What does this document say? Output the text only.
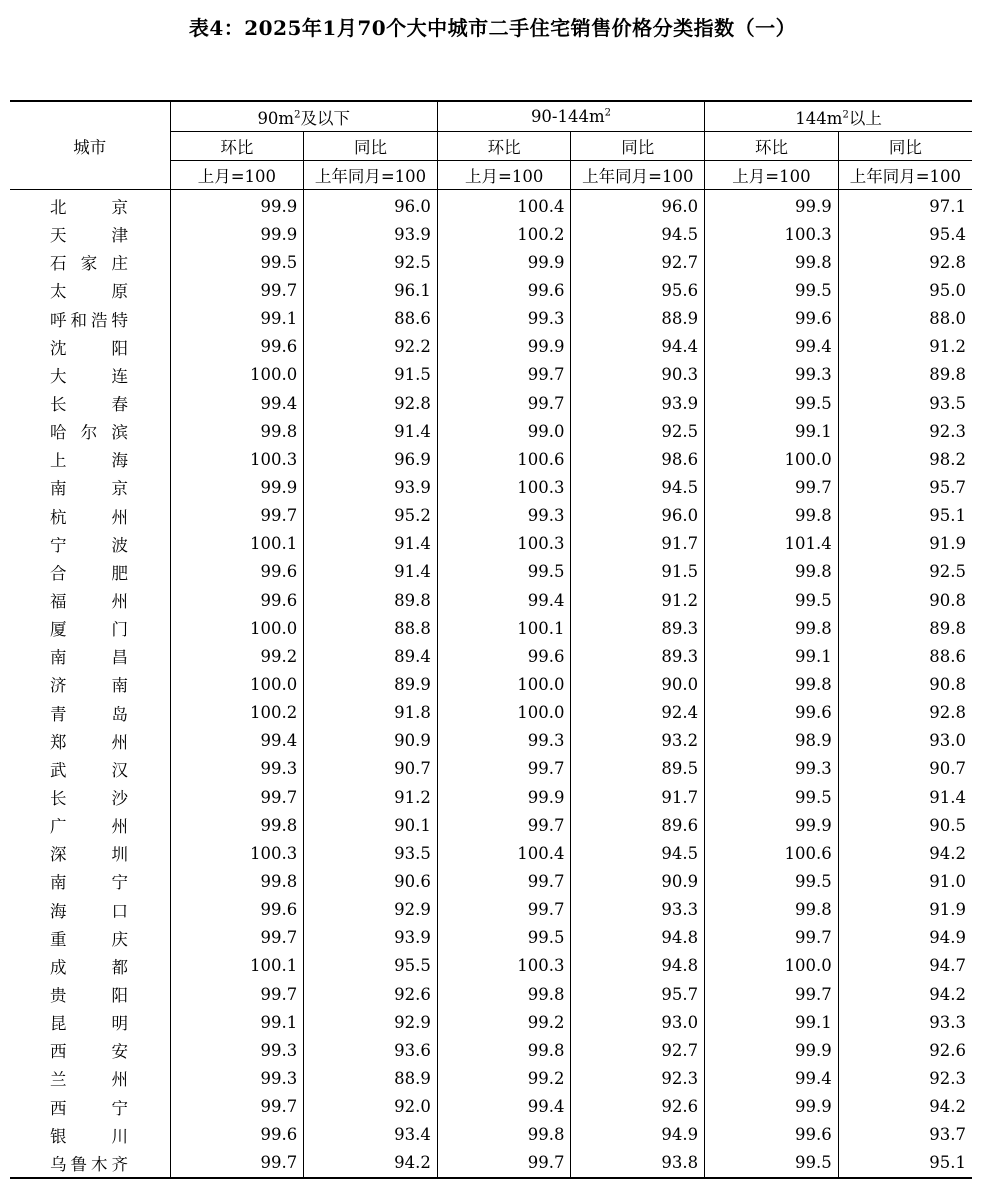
表4：2025年1月70个大中城市二手住宅销售价格分类指数（一）
城市	$90m^2$及以下		$90-144m^2$		$144m^2$以上	
	环比	同比	环比	同比	环比	同比
	上月=100	上年同月=100	上月=100	上年同月=100	上月=100	上年同月=100
北京	99.9	96.0	100.4	96.0	99.9	97.1
天津	99.9	93.9	100.2	94.5	100.3	95.4
石家庄	99.5	92.5	99.9	92.7	99.8	92.8
太原	99.7	96.1	99.6	95.6	99.5	95.0
呼和浩特	99.1	88.6	99.3	88.9	99.6	88.0
沈阳	99.6	92.2	99.9	94.4	99.4	91.2
大连	100.0	91.5	99.7	90.3	99.3	89.8
长春	99.4	92.8	99.7	93.9	99.5	93.5
哈尔滨	99.8	91.4	99.0	92.5	99.1	92.3
上海	100.3	96.9	100.6	98.6	100.0	98.2
南京	99.9	93.9	100.3	94.5	99.7	95.7
杭州	99.7	95.2	99.3	96.0	99.8	95.1
宁波	100.1	91.4	100.3	91.7	101.4	91.9
合肥	99.6	91.4	99.5	91.5	99.8	92.5
福州	99.6	89.8	99.4	91.2	99.5	90.8
厦门	100.0	88.8	100.1	89.3	99.8	89.8
南昌	99.2	89.4	99.6	89.3	99.1	88.6
济南	100.0	89.9	100.0	90.0	99.8	90.8
青岛	100.2	91.8	100.0	92.4	99.6	92.8
郑州	99.4	90.9	99.3	93.2	98.9	93.0
武汉	99.3	90.7	99.7	89.5	99.3	90.7
长沙	99.7	91.2	99.9	91.7	99.5	91.4
广州	99.8	90.1	99.7	89.6	99.9	90.5
深圳	100.3	93.5	100.4	94.5	100.6	94.2
南宁	99.8	90.6	99.7	90.9	99.5	91.0
海口	99.6	92.9	99.7	93.3	99.8	91.9
重庆	99.7	93.9	99.5	94.8	99.7	94.9
成都	100.1	95.5	100.3	94.8	100.0	94.7
贵阳	99.7	92.6	99.8	95.7	99.7	94.2
昆明	99.1	92.9	99.2	93.0	99.1	93.3
西安	99.3	93.6	99.8	92.7	99.9	92.6
兰州	99.3	88.9	99.2	92.3	99.4	92.3
西宁	99.7	92.0	99.4	92.6	99.9	94.2
银川	99.6	93.4	99.8	94.9	99.6	93.7
乌鲁木齐	99.7	94.2	99.7	93.8	99.5	95.1
